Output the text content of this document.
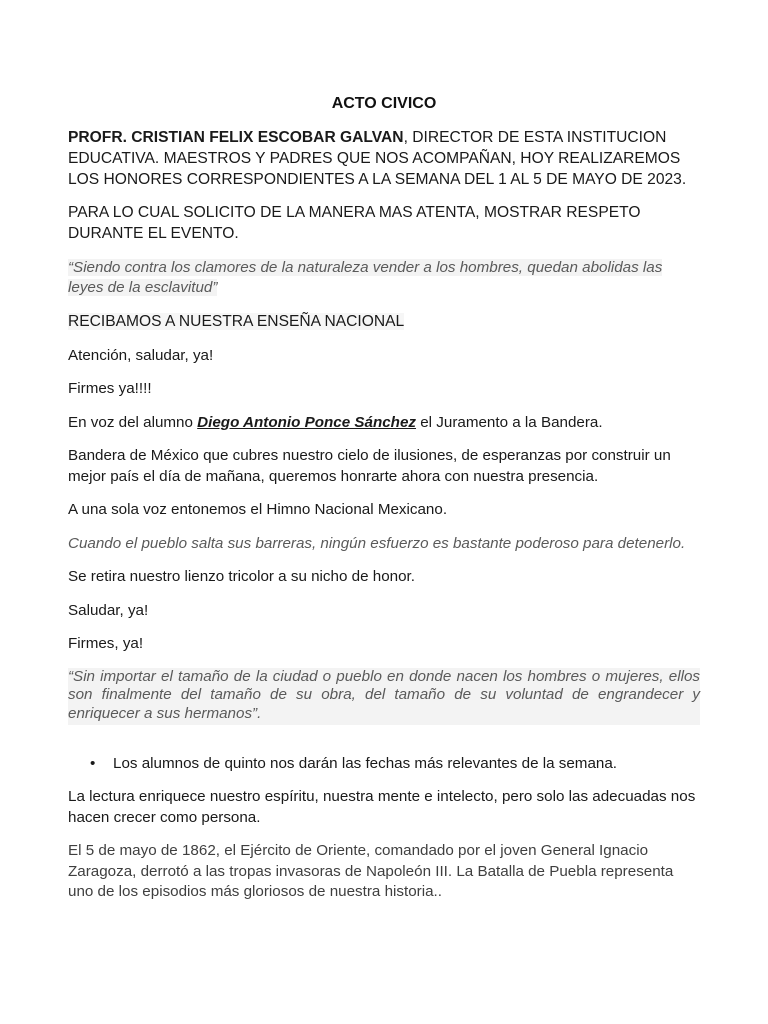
ACTO CIVICO

PROFR. CRISTIAN FELIX ESCOBAR GALVAN, DIRECTOR DE ESTA INSTITUCION EDUCATIVA. MAESTROS Y PADRES QUE NOS ACOMPAÑAN, HOY REALIZAREMOS LOS HONORES CORRESPONDIENTES A LA SEMANA DEL 1 AL 5 DE MAYO DE 2023.

PARA LO CUAL SOLICITO DE LA MANERA MAS ATENTA, MOSTRAR RESPETO DURANTE EL EVENTO.

“Siendo contra los clamores de la naturaleza vender a los hombres, quedan abolidas las leyes de la esclavitud”

RECIBAMOS A NUESTRA ENSEÑA NACIONAL

Atención, saludar, ya!

Firmes ya!!!!

En voz del alumno Diego Antonio Ponce Sánchez el Juramento a la Bandera.

Bandera de México que cubres nuestro cielo de ilusiones, de esperanzas por construir un mejor país el día de mañana, queremos honrarte ahora con nuestra presencia.

A una sola voz entonemos el Himno Nacional Mexicano.

Cuando el pueblo salta sus barreras, ningún esfuerzo es bastante poderoso para detenerlo.

Se retira nuestro lienzo tricolor a su nicho de honor.

Saludar, ya!

Firmes, ya!

“Sin importar el tamaño de la ciudad o pueblo en donde nacen los hombres o mujeres, ellos son finalmente del tamaño de su obra, del tamaño de su voluntad de engrandecer y enriquecer a sus hermanos”.

•	Los alumnos de quinto nos darán las fechas más relevantes de la semana.

La lectura enriquece nuestro espíritu, nuestra mente e intelecto, pero solo las adecuadas nos hacen crecer como persona.

El 5 de mayo de 1862, el Ejército de Oriente, comandado por el joven General Ignacio Zaragoza, derrotó a las tropas invasoras de Napoleón III. La Batalla de Puebla representa uno de los episodios más gloriosos de nuestra historia..
